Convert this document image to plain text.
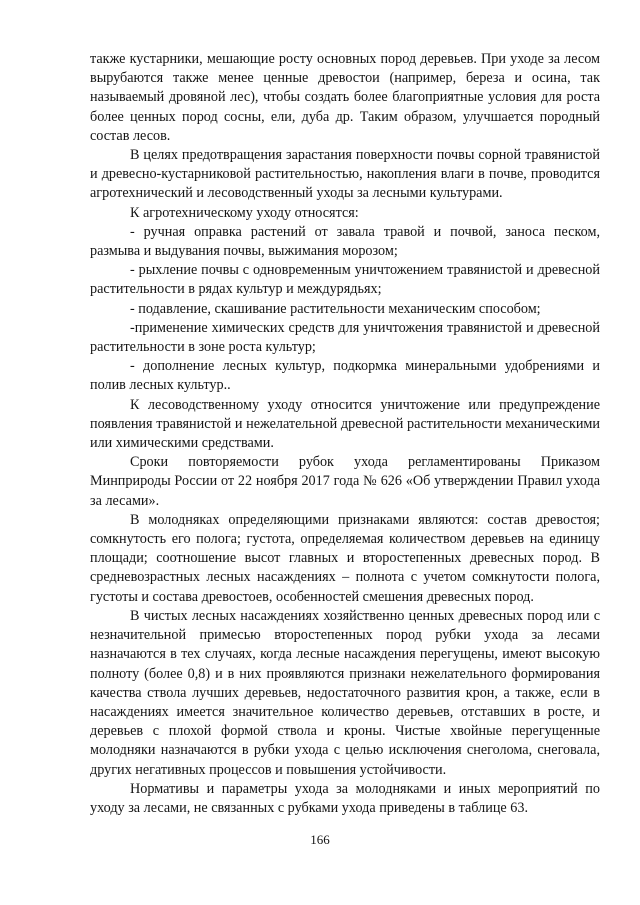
также кустарники, мешающие росту основных пород деревьев. При уходе за лесом вырубаются также менее ценные древостои (например, береза и осина, так называемый дровяной лес), чтобы создать более благоприятные условия для роста более ценных пород сосны, ели, дуба др. Таким образом, улучшается породный состав лесов.

В целях предотвращения зарастания поверхности почвы сорной травянистой и древесно-кустарниковой растительностью, накопления влаги в почве, проводится агротехнический и лесоводственный уходы за лесными культурами.

К агротехническому уходу относятся:

- ручная оправка растений от завала травой и почвой, заноса песком, размыва и выдувания почвы, выжимания морозом;

- рыхление почвы с одновременным уничтожением травянистой и древесной растительности в рядах культур и междурядьях;

- подавление, скашивание растительности механическим способом;

-применение химических средств для уничтожения травянистой и древесной растительности в зоне роста культур;

- дополнение лесных культур, подкормка минеральными удобрениями и полив лесных культур..

К лесоводственному уходу относится уничтожение или предупреждение появления травянистой и нежелательной древесной растительности механическими или химическими средствами.

Сроки повторяемости рубок ухода регламентированы Приказом Минприроды России от 22 ноября 2017 года № 626 «Об утверждении Правил ухода за лесами».

В молодняках определяющими признаками являются: состав древостоя; сомкнутость его полога; густота, определяемая количеством деревьев на единицу площади; соотношение высот главных и второстепенных древесных пород. В средневозрастных лесных насаждениях – полнота с учетом сомкнутости полога, густоты и состава древостоев, особенностей смешения древесных пород.

В чистых лесных насаждениях хозяйственно ценных древесных пород или с незначительной примесью второстепенных пород рубки ухода за лесами назначаются в тех случаях, когда лесные насаждения перегущены, имеют высокую полноту (более 0,8) и в них проявляются признаки нежелательного формирования качества ствола лучших деревьев, недостаточного развития крон, а также, если в насаждениях имеется значительное количество деревьев, отставших в росте, и деревьев с плохой формой ствола и кроны. Чистые хвойные перегущенные молодняки назначаются в рубки ухода с целью исключения снеголома, снеговала, других негативных процессов и повышения устойчивости.

Нормативы и параметры ухода за молодняками и иных мероприятий по уходу за лесами, не связанных с рубками ухода приведены в таблице 63.

166
